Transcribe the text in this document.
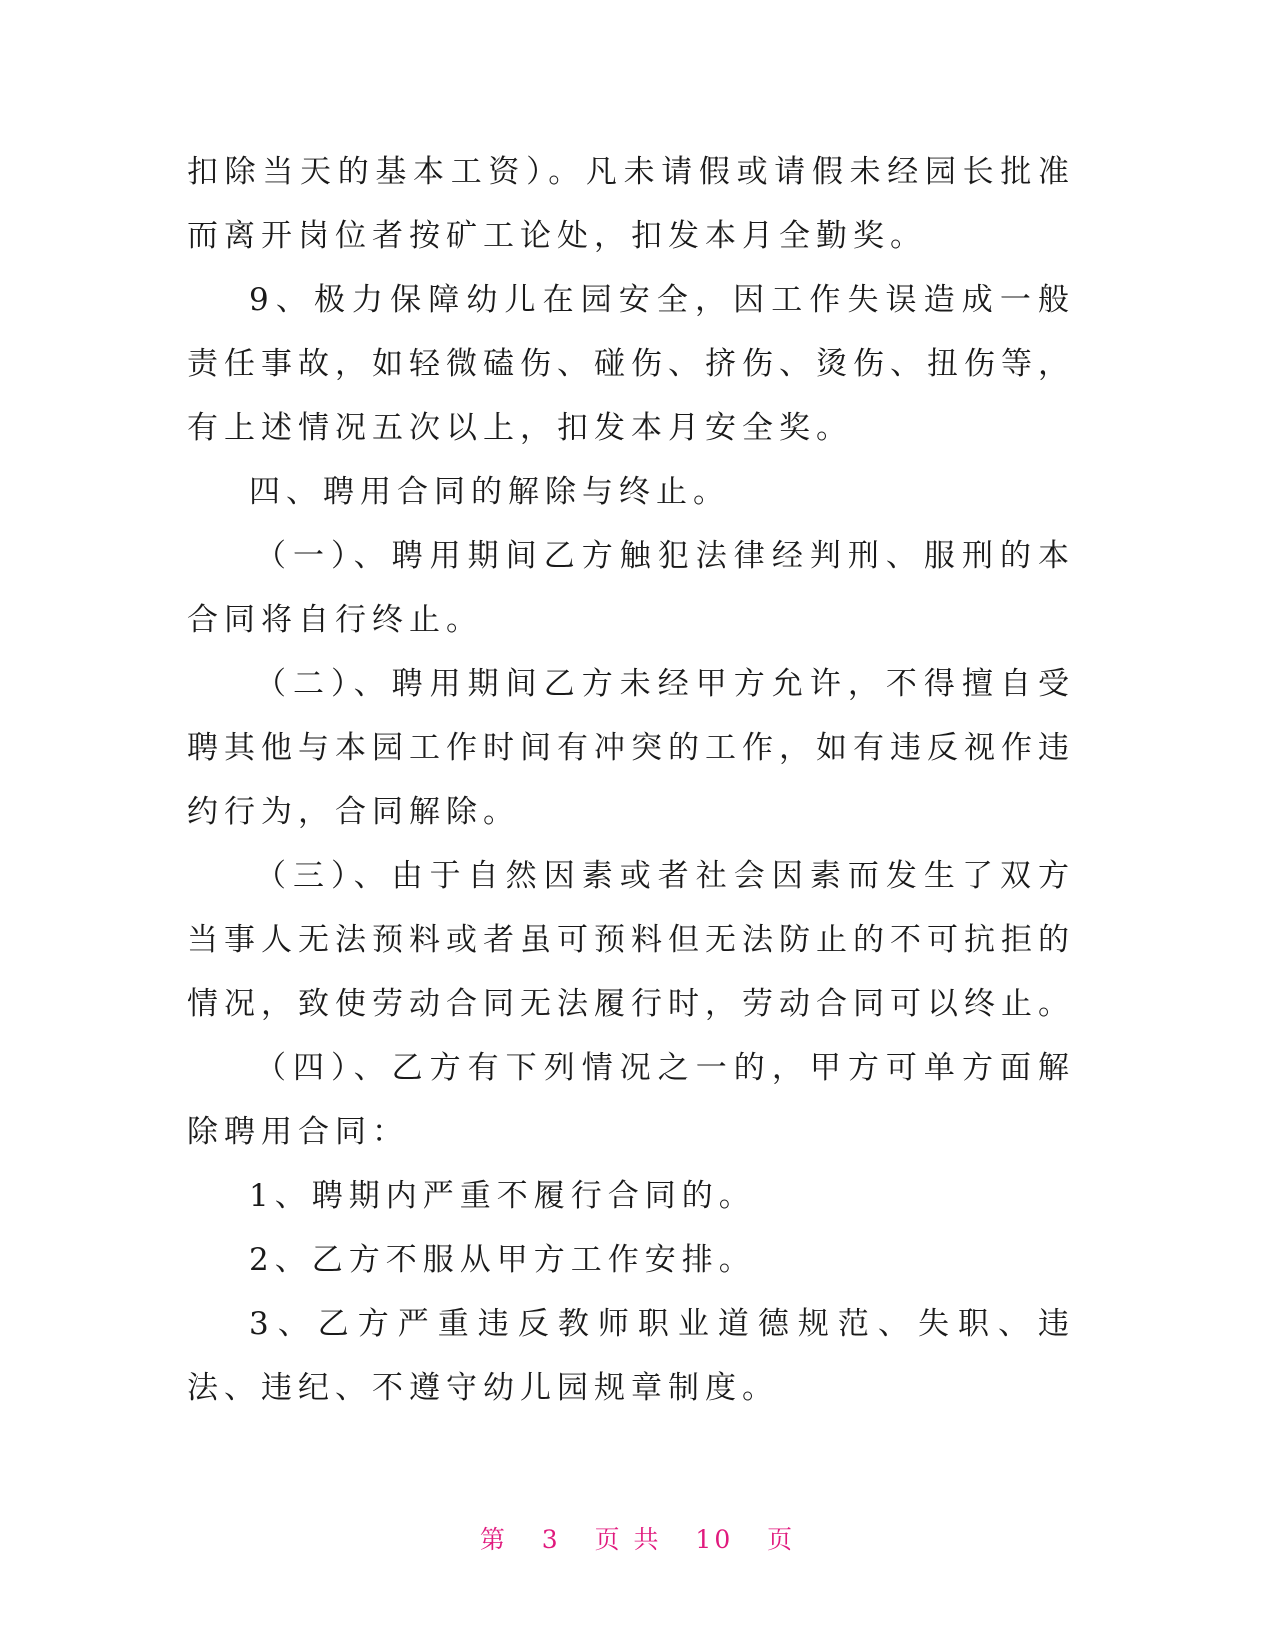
扣除当天的基本工资）。凡未请假或请假未经园长批准而离开岗位者按矿工论处，扣发本月全勤奖。

9、极力保障幼儿在园安全，因工作失误造成一般责任事故，如轻微磕伤、碰伤、挤伤、烫伤、扭伤等，有上述情况五次以上，扣发本月安全奖。

四、聘用合同的解除与终止。

（一）、聘用期间乙方触犯法律经判刑、服刑的本合同将自行终止。

（二）、聘用期间乙方未经甲方允许，不得擅自受聘其他与本园工作时间有冲突的工作，如有违反视作违约行为，合同解除。

（三）、由于自然因素或者社会因素而发生了双方当事人无法预料或者虽可预料但无法防止的不可抗拒的情况，致使劳动合同无法履行时，劳动合同可以终止。

（四）、乙方有下列情况之一的，甲方可单方面解除聘用合同：

1、聘期内严重不履行合同的。

2、乙方不服从甲方工作安排。

3、乙方严重违反教师职业道德规范、失职、违法、违纪、不遵守幼儿园规章制度。

第 3 页 共 10 页
